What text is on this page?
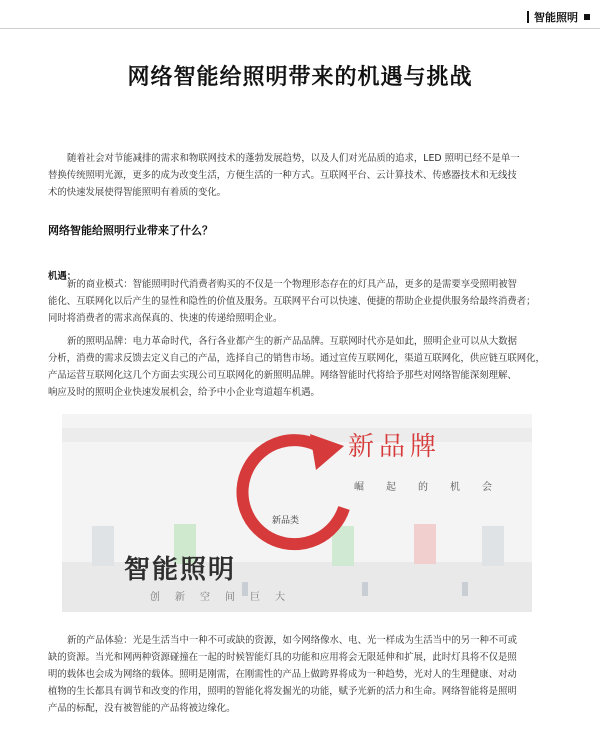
智能照明
网络智能给照明带来的机遇与挑战
随着社会对节能减排的需求和物联网技术的蓬勃发展趋势，以及人们对光品质的追求，LED 照明已经不是单一
替换传统照明光源，更多的成为改变生活，方便生活的一种方式。互联网平台、云计算技术、传感器技术和无线技
术的快速发展使得智能照明有着质的变化。
网络智能给照明行业带来了什么？
机遇：
新的商业模式：智能照明时代消费者购买的不仅是一个物理形态存在的灯具产品，更多的是需要享受照明被智
能化、互联网化以后产生的显性和隐性的价值及服务。互联网平台可以快速、便捷的帮助企业提供服务给最终消费者；
同时将消费者的需求高保真的、快速的传递给照明企业。
新的照明品牌：电力革命时代，各行各业都产生的新产品品牌。互联网时代亦是如此，照明企业可以从大数据
分析，消费的需求反馈去定义自己的产品，选择自己的销售市场。通过宣传互联网化，渠道互联网化，供应链互联网化，
产品运营互联网化这几个方面去实现公司互联网化的新照明品牌。网络智能时代将给予那些对网络智能深刻理解、
响应及时的照明企业快速发展机会，给予中小企业弯道超车机遇。
新品牌
崛起的机会
新品类
智能照明
创新空间巨大
新的产品体验：光是生活当中一种不可或缺的资源，如今网络像水、电、光一样成为生活当中的另一种不可或
缺的资源。当光和网两种资源碰撞在一起的时候智能灯具的功能和应用将会无限延伸和扩展，此时灯具将不仅是照
明的载体也会成为网络的载体。照明是刚需，在刚需性的产品上做跨界将成为一种趋势，光对人的生理健康、对动
植物的生长都具有调节和改变的作用，照明的智能化将发掘光的功能，赋予光新的活力和生命。网络智能将是照明
产品的标配，没有被智能的产品将被边缘化。
